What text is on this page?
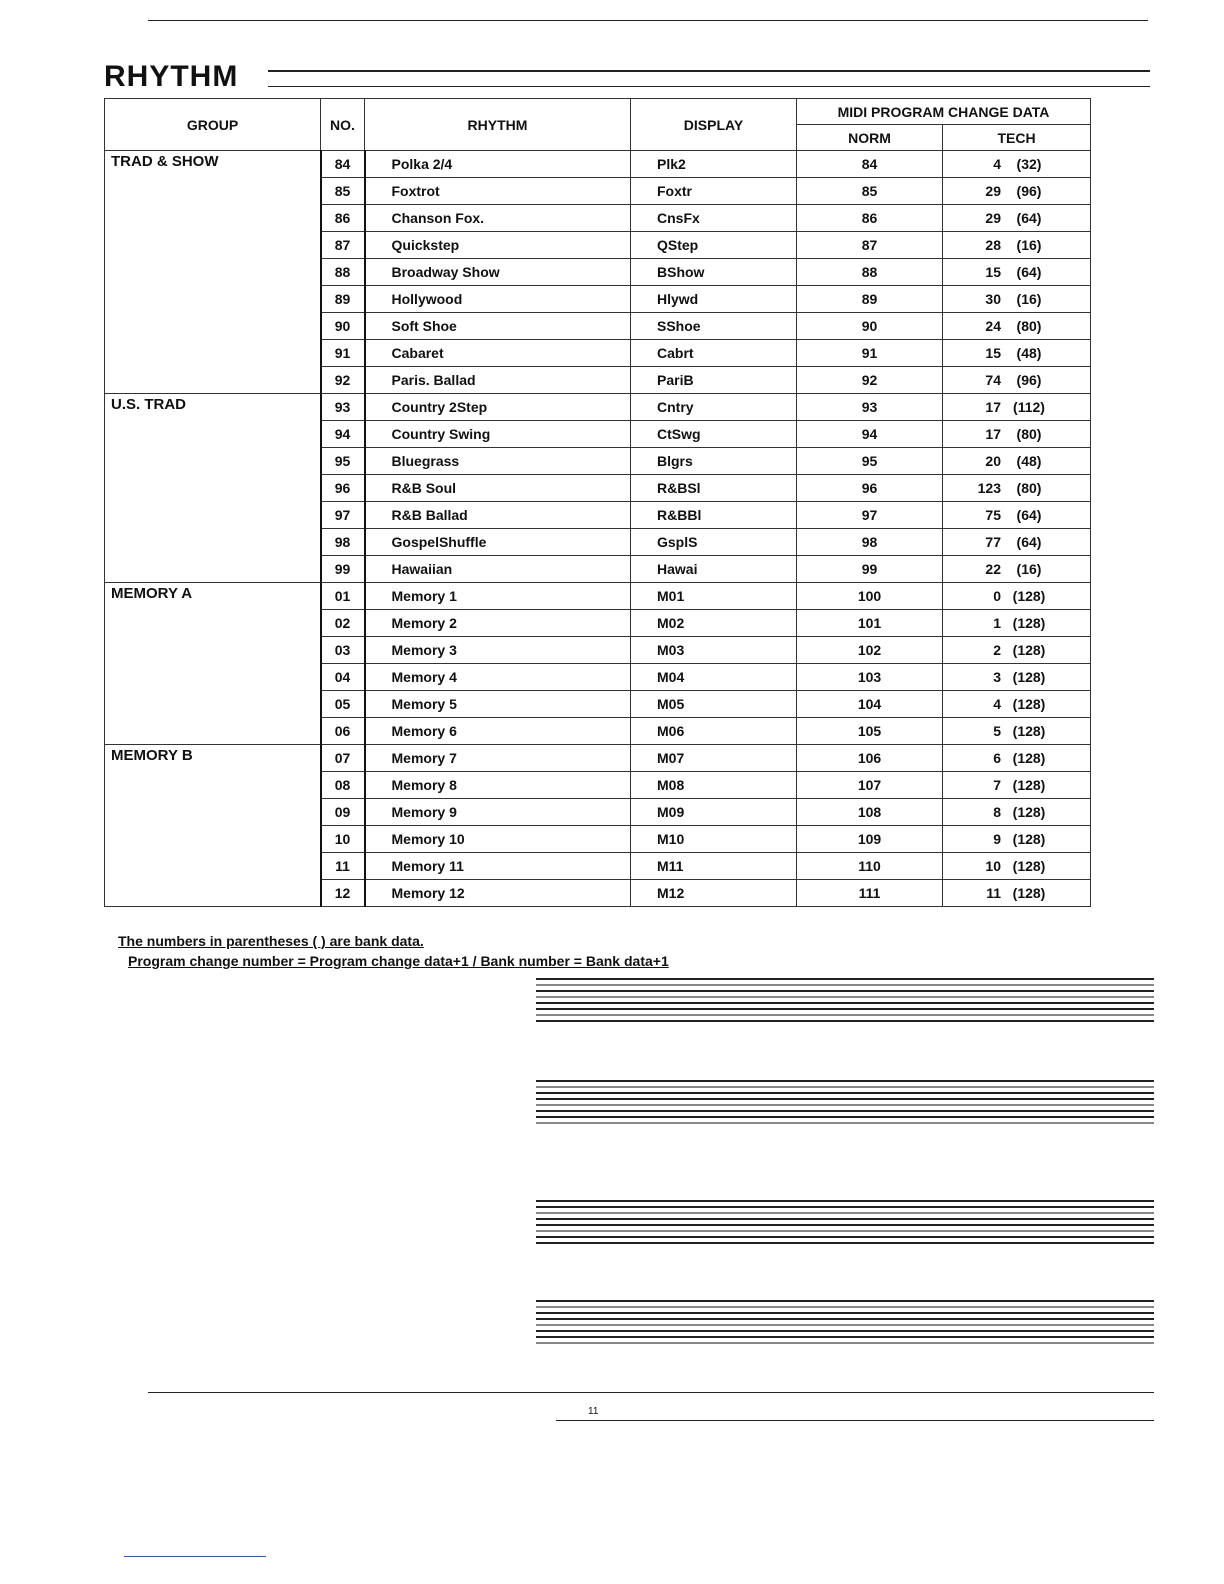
RHYTHM
GROUP	NO.	RHYTHM	DISPLAY	MIDI PROGRAM CHANGE DATA	
				NORM	TECH
TRAD & SHOW	84	Polka 2/4	Plk2	84	4 (32)
	85	Foxtrot	Foxtr	85	29 (96)
	86	Chanson Fox.	CnsFx	86	29 (64)
	87	Quickstep	QStep	87	28 (16)
	88	Broadway Show	BShow	88	15 (64)
	89	Hollywood	Hlywd	89	30 (16)
	90	Soft Shoe	SShoe	90	24 (80)
	91	Cabaret	Cabrt	91	15 (48)
	92	Paris. Ballad	PariB	92	74 (96)
U.S. TRAD	93	Country 2Step	Cntry	93	17 (112)
	94	Country Swing	CtSwg	94	17 (80)
	95	Bluegrass	Blgrs	95	20 (48)
	96	R&B Soul	R&BSl	96	123 (80)
	97	R&B Ballad	R&BBl	97	75 (64)
	98	GospelShuffle	GsplS	98	77 (64)
	99	Hawaiian	Hawai	99	22 (16)
MEMORY A	01	Memory 1	M01	100	0 (128)
	02	Memory 2	M02	101	1 (128)
	03	Memory 3	M03	102	2 (128)
	04	Memory 4	M04	103	3 (128)
	05	Memory 5	M05	104	4 (128)
	06	Memory 6	M06	105	5 (128)
MEMORY B	07	Memory 7	M07	106	6 (128)
	08	Memory 8	M08	107	7 (128)
	09	Memory 9	M09	108	8 (128)
	10	Memory 10	M10	109	9 (128)
	11	Memory 11	M11	110	10 (128)
	12	Memory 12	M12	111	11 (128)
The numbers in parentheses ( ) are bank data.
Program change number = Program change data+1 / Bank number = Bank data+1
11
